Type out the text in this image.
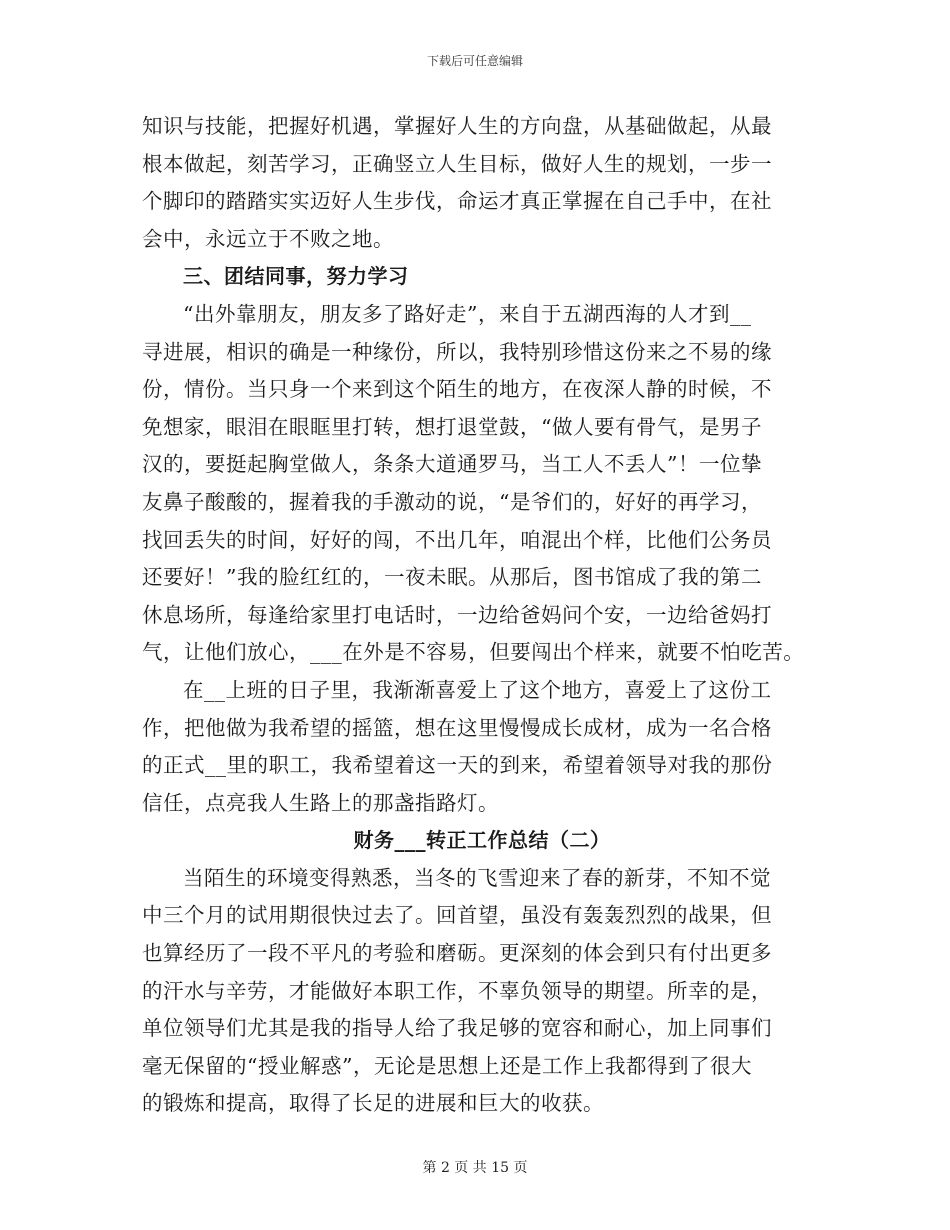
下载后可任意编辑
知识与技能，把握好机遇，掌握好人生的方向盘，从基础做起，从最
根本做起，刻苦学习，正确竖立人生目标，做好人生的规划，一步一
个脚印的踏踏实实迈好人生步伐，命运才真正掌握在自己手中，在社
会中，永远立于不败之地。
三、团结同事，努力学习
“出外靠朋友，朋友多了路好走”，来自于五湖西海的人才到__
寻进展，相识的确是一种缘份，所以，我特别珍惜这份来之不易的缘
份，情份。当只身一个来到这个陌生的地方，在夜深人静的时候，不
免想家，眼泪在眼眶里打转，想打退堂鼓，“做人要有骨气，是男子
汉的，要挺起胸堂做人，条条大道通罗马，当工人不丢人”！一位挚
友鼻子酸酸的，握着我的手激动的说，“是爷们的，好好的再学习，
找回丢失的时间，好好的闯，不出几年，咱混出个样，比他们公务员
还要好！”我的脸红红的，一夜未眠。从那后，图书馆成了我的第二
休息场所，每逢给家里打电话时，一边给爸妈问个安，一边给爸妈打
气，让他们放心，___在外是不容易，但要闯出个样来，就要不怕吃苦。
在__上班的日子里，我渐渐喜爱上了这个地方，喜爱上了这份工
作，把他做为我希望的摇篮，想在这里慢慢成长成材，成为一名合格
的正式__里的职工，我希望着这一天的到来，希望着领导对我的那份
信任，点亮我人生路上的那盏指路灯。
财务___转正工作总结（二）
当陌生的环境变得熟悉，当冬的飞雪迎来了春的新芽，不知不觉
中三个月的试用期很快过去了。回首望，虽没有轰轰烈烈的战果，但
也算经历了一段不平凡的考验和磨砺。更深刻的体会到只有付出更多
的汗水与辛劳，才能做好本职工作，不辜负领导的期望。所幸的是，
单位领导们尤其是我的指导人给了我足够的宽容和耐心，加上同事们
毫无保留的“授业解惑”，无论是思想上还是工作上我都得到了很大
的锻炼和提高，取得了长足的进展和巨大的收获。
第 2 页 共 15 页
